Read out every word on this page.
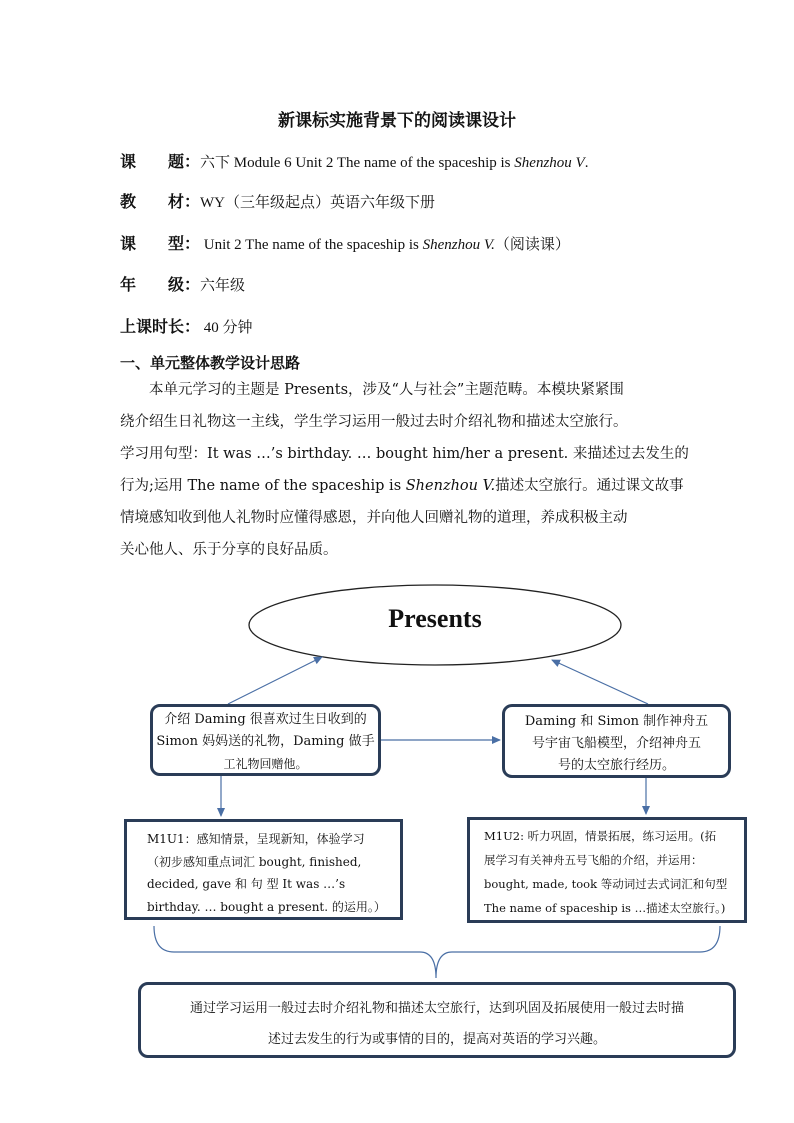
新课标实施背景下的阅读课设计
课　　题：六下 Module 6 Unit 2 The name of the spaceship is Shenzhou V.
教　　材：WY（三年级起点）英语六年级下册
课　　型： Unit 2 The name of the spaceship is Shenzhou V.（阅读课）
年　　级：六年级
上课时长： 40 分钟
一、单元整体教学设计思路

　　本单元学习的主题是 Presents，涉及“人与社会”主题范畴。本模块紧紧围

绕介绍生日礼物这一主线，学生学习运用一般过去时介绍礼物和描述太空旅行。

学习用句型：It was …’s birthday. … bought him/her a present. 来描述过去发生的

行为;运用 The name of the spaceship is Shenzhou V.描述太空旅行。通过课文故事

情境感知收到他人礼物时应懂得感恩，并向他人回赠礼物的道理，养成积极主动

关心他人、乐于分享的良好品质。

Presents
介绍 Daming 很喜欢过生日收到的
Simon 妈妈送的礼物，Daming 做手
工礼物回赠他。
Daming 和 Simon 制作神舟五
号宇宙飞船模型，介绍神舟五
号的太空旅行经历。
M1U1：感知情景，呈现新知，体验学习
（初步感知重点词汇 bought, finished,
decided, gave 和 句 型 It was …’s
birthday. … bought a present. 的运用。）
M1U2: 听力巩固，情景拓展，练习运用。(拓
展学习有关神舟五号飞船的介绍，并运用：
bought, made, took 等动词过去式词汇和句型
The name of spaceship is …描述太空旅行。)
通过学习运用一般过去时介绍礼物和描述太空旅行，达到巩固及拓展使用一般过去时描
述过去发生的行为或事情的目的，提高对英语的学习兴趣。
